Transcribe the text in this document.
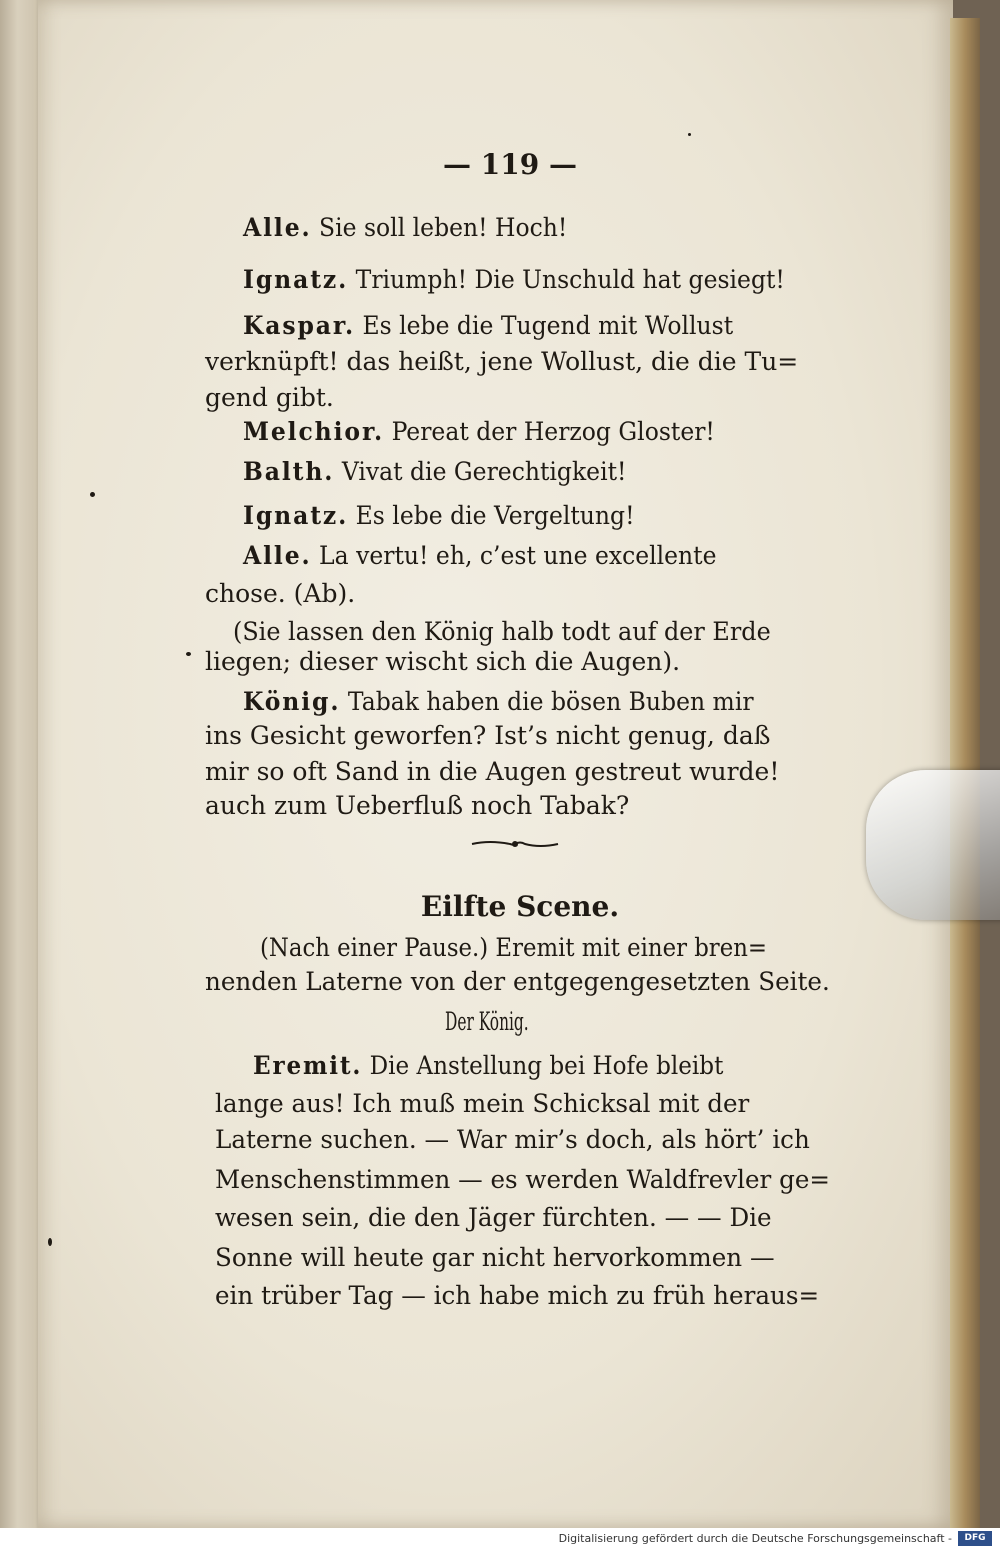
— 119 —
Alle. Sie soll leben! Hoch!
Ignatz. Triumph! Die Unschuld hat gesiegt!
Kaspar. Es lebe die Tugend mit Wollust
verknüpft! das heißt, jene Wollust, die die Tu=
gend gibt.
Melchior. Pereat der Herzog Gloster!
Balth. Vivat die Gerechtigkeit!
Ignatz. Es lebe die Vergeltung!
Alle. La vertu! eh, c’est une excellente
chose. (Ab).
(Sie lassen den König halb todt auf der Erde
liegen; dieser wischt sich die Augen).
König. Tabak haben die bösen Buben mir
ins Gesicht geworfen? Ist’s nicht genug, daß
mir so oft Sand in die Augen gestreut wurde!
auch zum Ueberfluß noch Tabak?
Eilfte Scene.
(Nach einer Pause.) Eremit mit einer bren=
nenden Laterne von der entgegengesetzten Seite.
Der König.
Eremit. Die Anstellung bei Hofe bleibt
lange aus! Ich muß mein Schicksal mit der
Laterne suchen. — War mir’s doch, als hört’ ich
Menschenstimmen — es werden Waldfrevler ge=
wesen sein, die den Jäger fürchten. — — Die
Sonne will heute gar nicht hervorkommen —
ein trüber Tag — ich habe mich zu früh heraus=
Digitalisierung gefördert durch die Deutsche Forschungsgemeinschaft -	DFG
